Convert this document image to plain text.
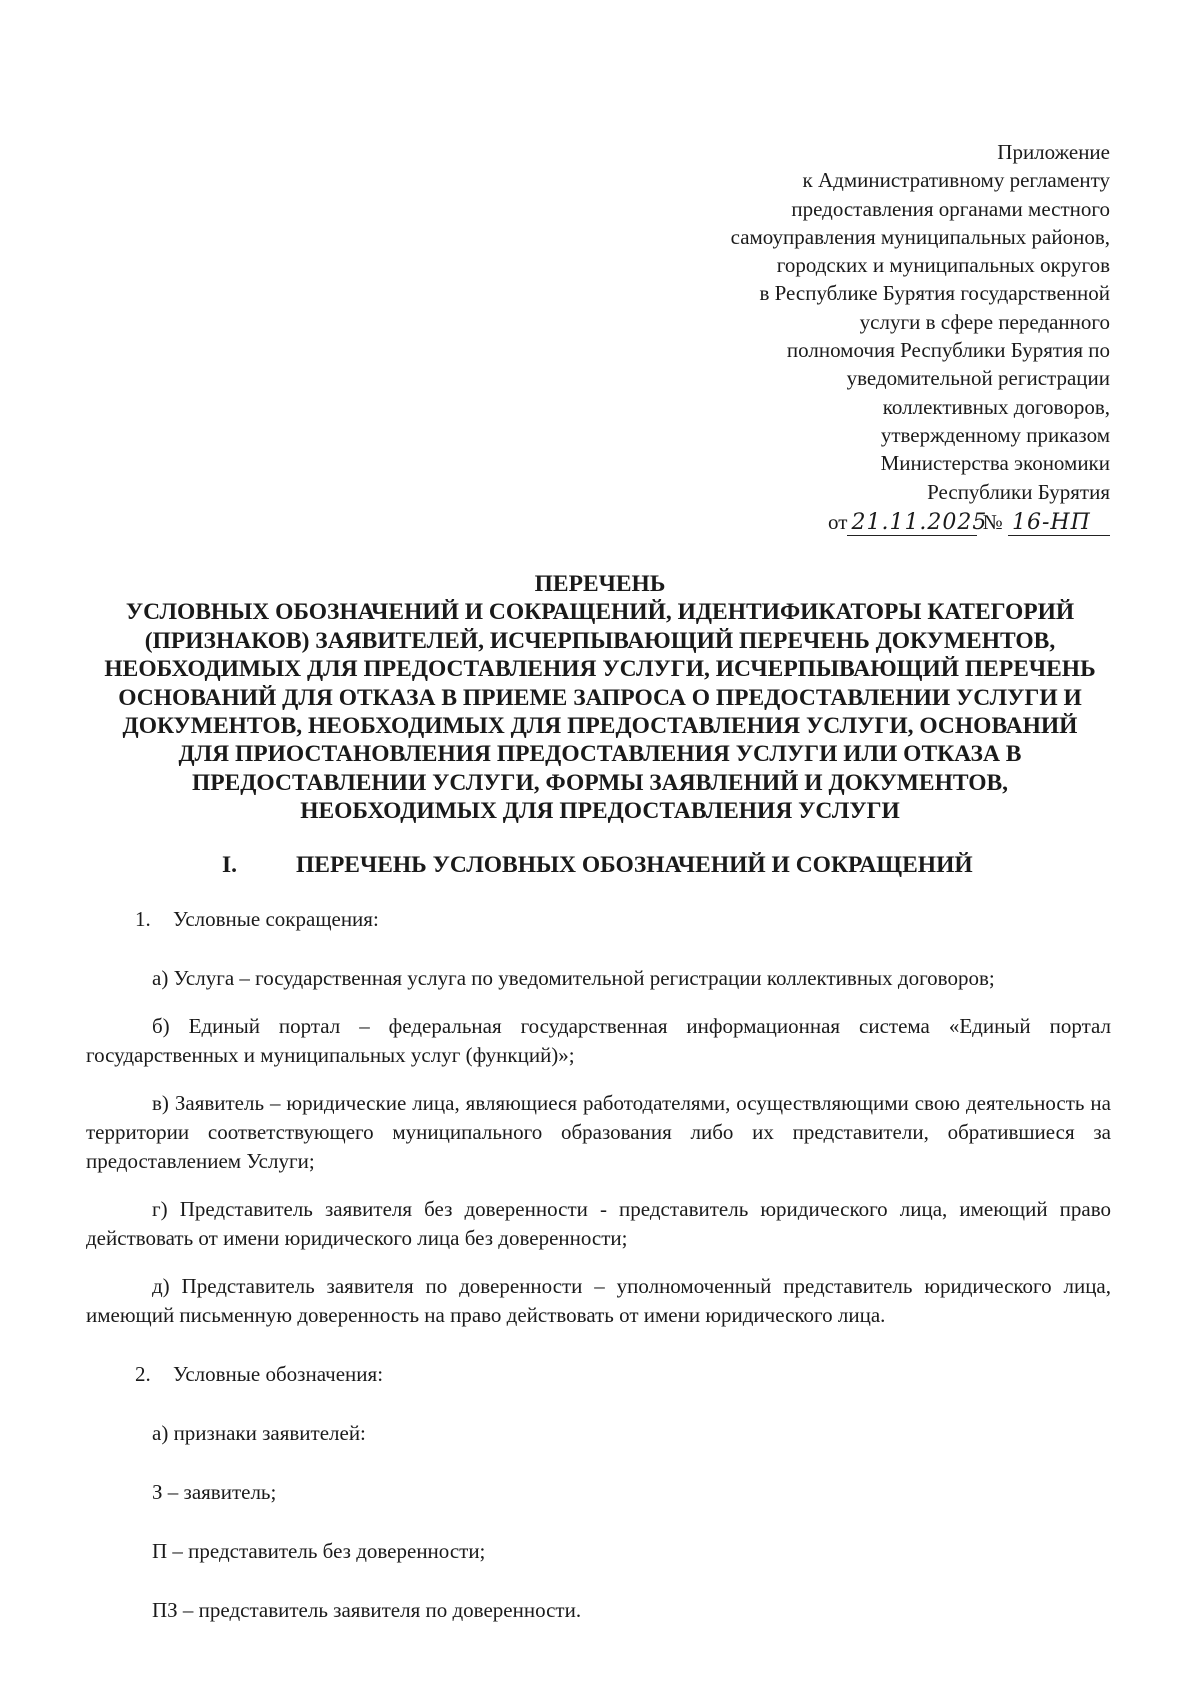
Приложение
к Административному регламенту
предоставления органами местного
самоуправления муниципальных районов,
городских и муниципальных округов
в Республике Бурятия государственной
услуги в сфере переданного
полномочия Республики Бурятия по
уведомительной регистрации
коллективных договоров,
утвержденному приказом
Министерства экономики
Республики Бурятия
от 21.11.2025 № 16-НП
ПЕРЕЧЕНЬ
УСЛОВНЫХ ОБОЗНАЧЕНИЙ И СОКРАЩЕНИЙ, ИДЕНТИФИКАТОРЫ КАТЕГОРИЙ
(ПРИЗНАКОВ) ЗАЯВИТЕЛЕЙ, ИСЧЕРПЫВАЮЩИЙ ПЕРЕЧЕНЬ ДОКУМЕНТОВ,
НЕОБХОДИМЫХ ДЛЯ ПРЕДОСТАВЛЕНИЯ УСЛУГИ, ИСЧЕРПЫВАЮЩИЙ ПЕРЕЧЕНЬ
ОСНОВАНИЙ ДЛЯ ОТКАЗА В ПРИЕМЕ ЗАПРОСА О ПРЕДОСТАВЛЕНИИ УСЛУГИ И
ДОКУМЕНТОВ, НЕОБХОДИМЫХ ДЛЯ ПРЕДОСТАВЛЕНИЯ УСЛУГИ, ОСНОВАНИЙ
ДЛЯ ПРИОСТАНОВЛЕНИЯ ПРЕДОСТАВЛЕНИЯ УСЛУГИ ИЛИ ОТКАЗА В
ПРЕДОСТАВЛЕНИИ УСЛУГИ, ФОРМЫ ЗАЯВЛЕНИЙ И ДОКУМЕНТОВ,
НЕОБХОДИМЫХ ДЛЯ ПРЕДОСТАВЛЕНИЯ УСЛУГИ
I.	ПЕРЕЧЕНЬ УСЛОВНЫХ ОБОЗНАЧЕНИЙ И СОКРАЩЕНИЙ

1. Условные сокращения:

а) Услуга – государственная услуга по уведомительной регистрации коллективных договоров;

б) Единый портал – федеральная государственная информационная система «Единый портал государственных и муниципальных услуг (функций)»;

в) Заявитель – юридические лица, являющиеся работодателями, осуществляющими свою деятельность на территории соответствующего муниципального образования либо их представители, обратившиеся за предоставлением Услуги;

г) Представитель заявителя без доверенности - представитель юридического лица, имеющий право действовать от имени юридического лица без доверенности;

д) Представитель заявителя по доверенности – уполномоченный представитель юридического лица, имеющий письменную доверенность на право действовать от имени юридического лица.

2. Условные обозначения:

а) признаки заявителей:

З – заявитель;

П – представитель без доверенности;

ПЗ – представитель заявителя по доверенности.
